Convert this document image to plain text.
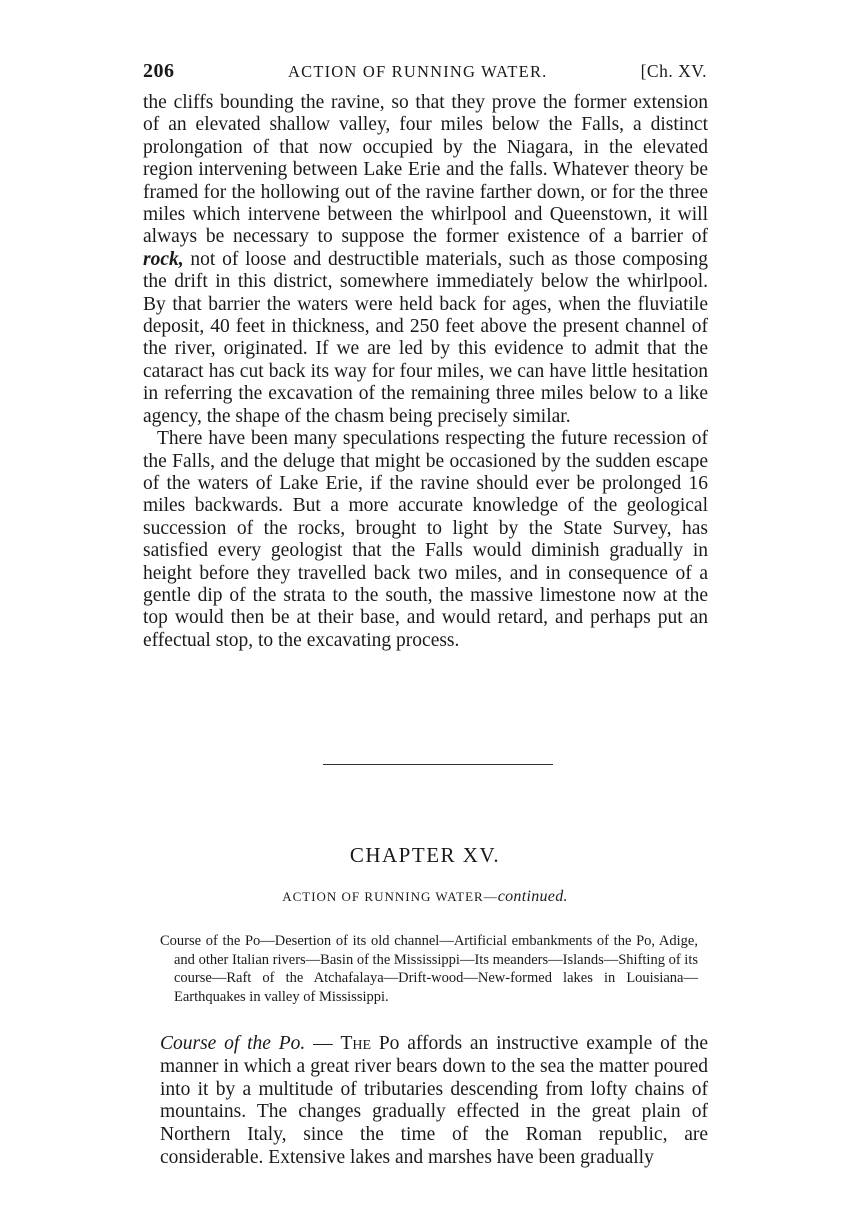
206	ACTION OF RUNNING WATER.	[Ch. XV.

the cliffs bounding the ravine, so that they prove the former extension of an elevated shallow valley, four miles below the Falls, a distinct prolongation of that now occupied by the Niagara, in the elevated region intervening between Lake Erie and the falls. Whatever theory be framed for the hollowing out of the ravine farther down, or for the three miles which intervene between the whirlpool and Queenstown, it will always be necessary to suppose the former existence of a barrier of rock, not of loose and destructible materials, such as those composing the drift in this district, somewhere immediately below the whirlpool. By that barrier the waters were held back for ages, when the fluviatile deposit, 40 feet in thickness, and 250 feet above the present channel of the river, originated. If we are led by this evidence to admit that the cataract has cut back its way for four miles, we can have little hesitation in referring the excavation of the remaining three miles below to a like agency, the shape of the chasm being precisely similar.

There have been many speculations respecting the future recession of the Falls, and the deluge that might be occasioned by the sudden escape of the waters of Lake Erie, if the ravine should ever be prolonged 16 miles backwards. But a more accurate knowledge of the geological succession of the rocks, brought to light by the State Survey, has satisfied every geologist that the Falls would diminish gradually in height before they travelled back two miles, and in consequence of a gentle dip of the strata to the south, the massive limestone now at the top would then be at their base, and would retard, and perhaps put an effectual stop, to the excavating process.

CHAPTER XV.
ACTION OF RUNNING WATER—continued.
Course of the Po—Desertion of its old channel—Artificial embankments of the Po, Adige, and other Italian rivers—Basin of the Mississippi—Its meanders—Islands—Shifting of its course—Raft of the Atchafalaya—Drift-wood—New-formed lakes in Louisiana—Earthquakes in valley of Mississippi.
Course of the Po. — The Po affords an instructive example of the manner in which a great river bears down to the sea the matter poured into it by a multitude of tributaries descending from lofty chains of mountains. The changes gradually effected in the great plain of Northern Italy, since the time of the Roman republic, are considerable. Extensive lakes and marshes have been gradually
